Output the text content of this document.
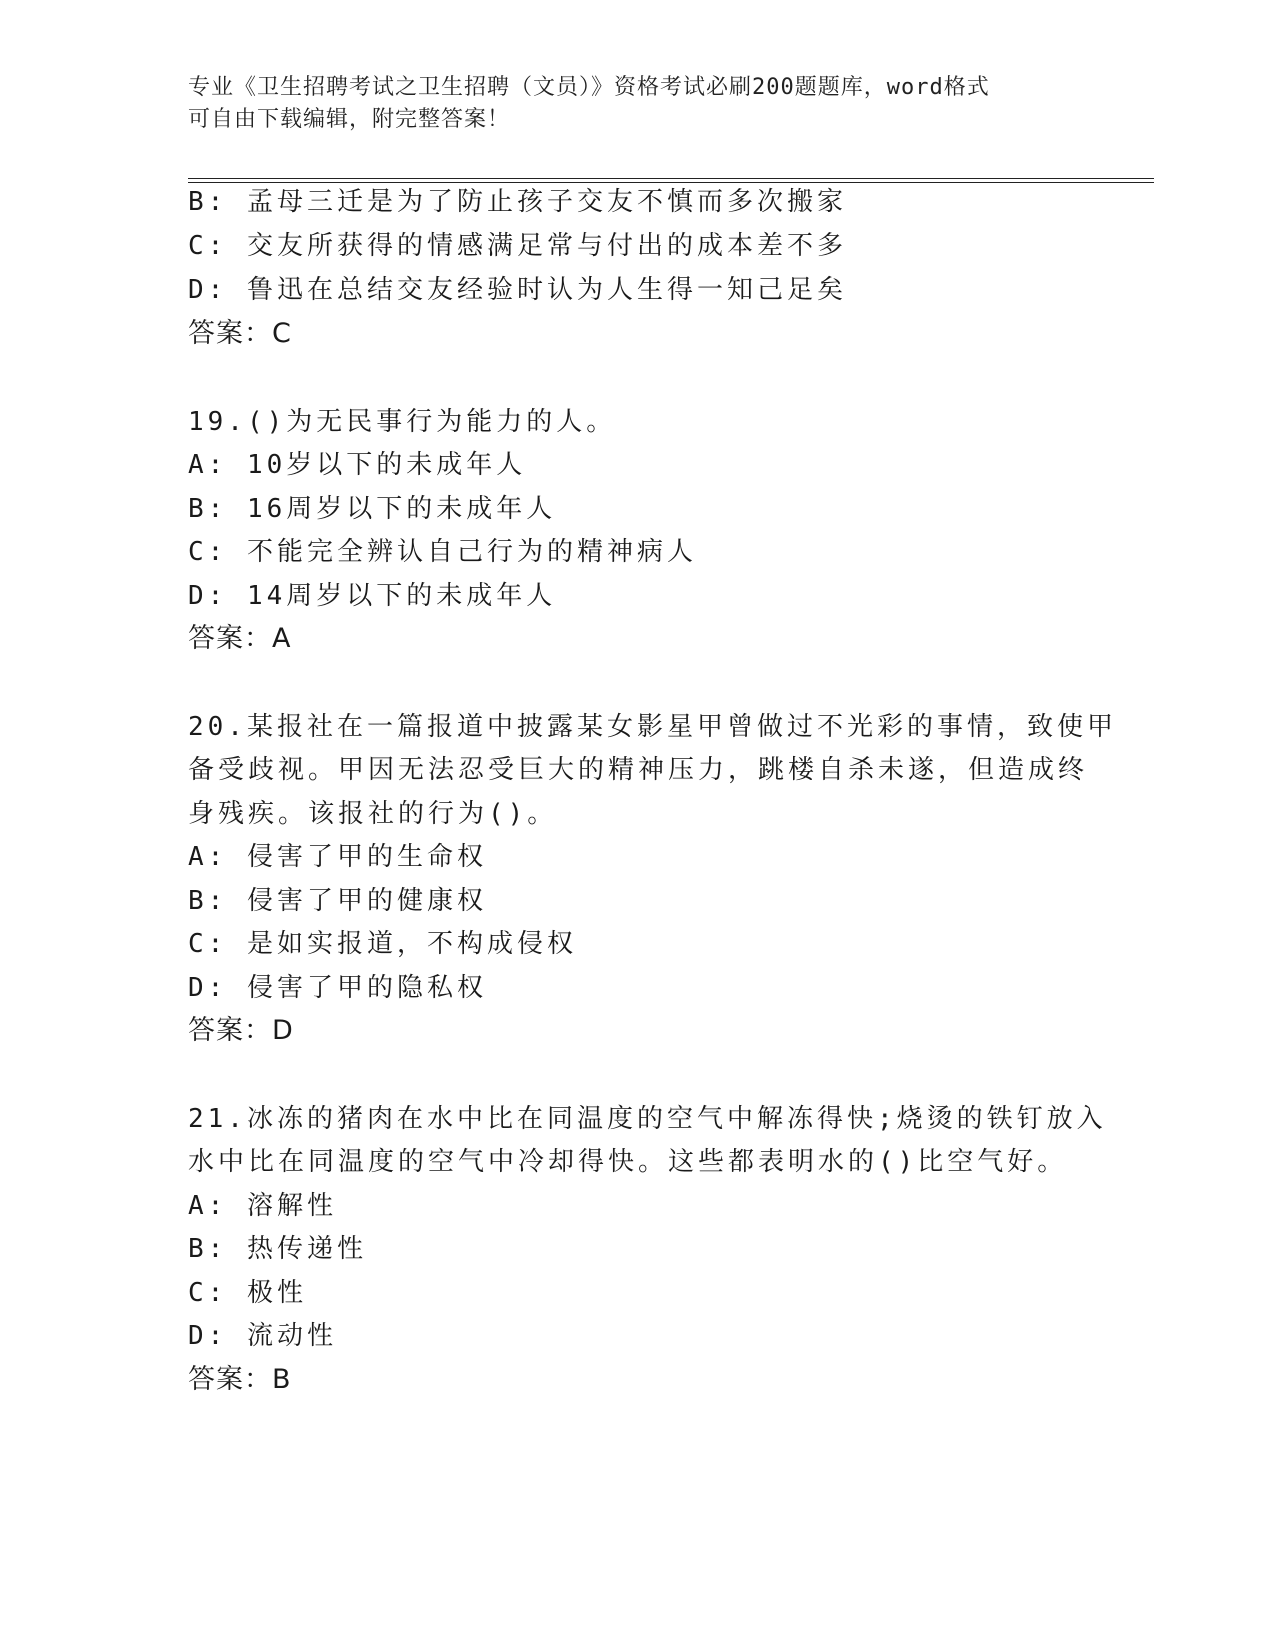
专业《卫生招聘考试之卫生招聘（文员）》资格考试必刷200题题库，word格式
可自由下载编辑，附完整答案！
B: 孟母三迁是为了防止孩子交友不慎而多次搬家
C: 交友所获得的情感满足常与付出的成本差不多
D: 鲁迅在总结交友经验时认为人生得一知己足矣
答案：C
19.()为无民事行为能力的人。
A: 10岁以下的未成年人
B: 16周岁以下的未成年人
C: 不能完全辨认自己行为的精神病人
D: 14周岁以下的未成年人
答案：A
20.某报社在一篇报道中披露某女影星甲曾做过不光彩的事情，致使甲
备受歧视。甲因无法忍受巨大的精神压力，跳楼自杀未遂，但造成终
身残疾。该报社的行为()。
A: 侵害了甲的生命权
B: 侵害了甲的健康权
C: 是如实报道，不构成侵权
D: 侵害了甲的隐私权
答案：D
21.冰冻的猪肉在水中比在同温度的空气中解冻得快;烧烫的铁钉放入
水中比在同温度的空气中冷却得快。这些都表明水的()比空气好。
A: 溶解性
B: 热传递性
C: 极性
D: 流动性
答案：B
